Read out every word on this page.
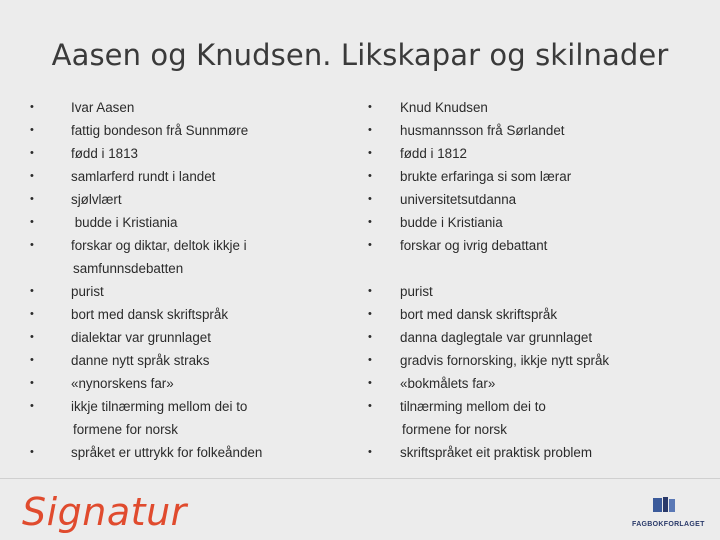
Aasen og Knudsen. Likskapar og skilnader
•	Ivar Aasen
•	fattig bondeson frå Sunnmøre
•	fødd i 1813
•	samlarferd rundt i landet
•	sjølvlært
•	budde i Kristiania
•	forskar og diktar, deltok ikkje i
samfunnsdebatten
•	purist
•	bort med dansk skriftspråk
•	dialektar var grunnlaget
•	danne nytt språk straks
•	«nynorskens far»
•	ikkje tilnærming mellom dei to
formene for norsk
•	språket er uttrykk for folkeånden
• Knud Knudsen
• husmannsson frå Sørlandet
• fødd i 1812
• brukte erfaringa si som lærar
• universitetsutdanna
• budde i Kristiania
• forskar og ivrig debattant
• purist
• bort med dansk skriftspråk
• danna daglegtale var grunnlaget
• gradvis fornorsking, ikkje nytt språk
• «bokmålets far»
• tilnærming mellom dei to
formene for norsk
• skriftspråket eit praktisk problem
Signatur	FAGBOKFORLAGET
